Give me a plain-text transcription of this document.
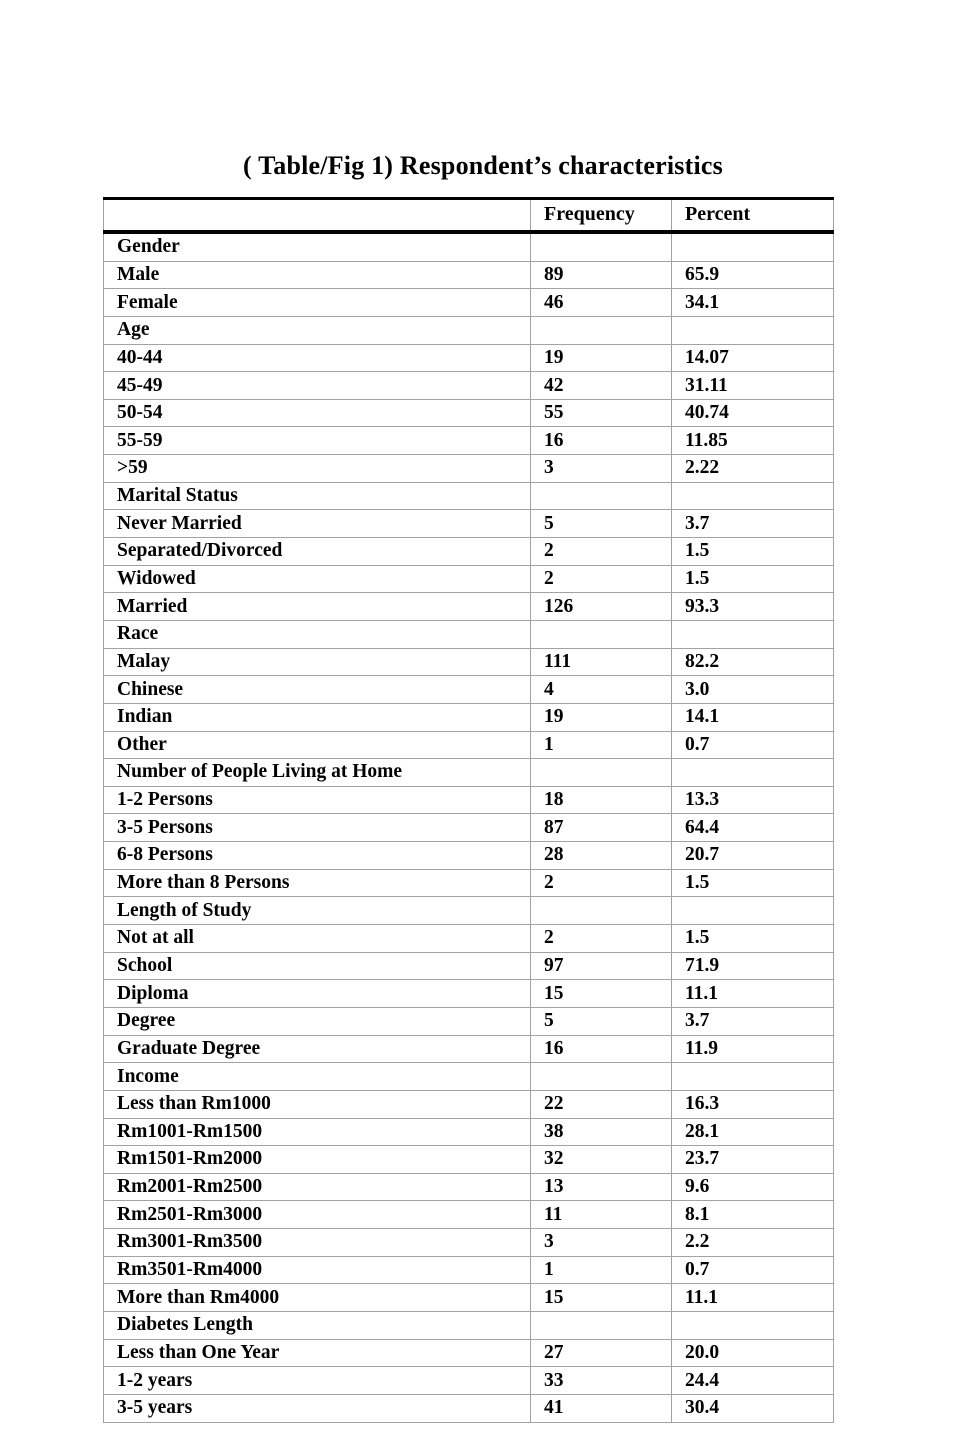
( Table/Fig 1) Respondent’s characteristics
	Frequency	Percent
Gender		
Male	89	65.9
Female	46	34.1
Age		
40-44	19	14.07
45-49	42	31.11
50-54	55	40.74
55-59	16	11.85
>59	3	2.22
Marital Status		
Never Married	5	3.7
Separated/Divorced	2	1.5
Widowed	2	1.5
Married	126	93.3
Race		
Malay	111	82.2
Chinese	4	3.0
Indian	19	14.1
Other	1	0.7
Number of People Living at Home		
1-2 Persons	18	13.3
3-5 Persons	87	64.4
6-8 Persons	28	20.7
More than 8 Persons	2	1.5
Length of Study		
Not at all	2	1.5
School	97	71.9
Diploma	15	11.1
Degree	5	3.7
Graduate Degree	16	11.9
Income		
Less than Rm1000	22	16.3
Rm1001-Rm1500	38	28.1
Rm1501-Rm2000	32	23.7
Rm2001-Rm2500	13	9.6
Rm2501-Rm3000	11	8.1
Rm3001-Rm3500	3	2.2
Rm3501-Rm4000	1	0.7
More than Rm4000	15	11.1
Diabetes Length		
Less than One Year	27	20.0
1-2 years	33	24.4
3-5 years	41	30.4
